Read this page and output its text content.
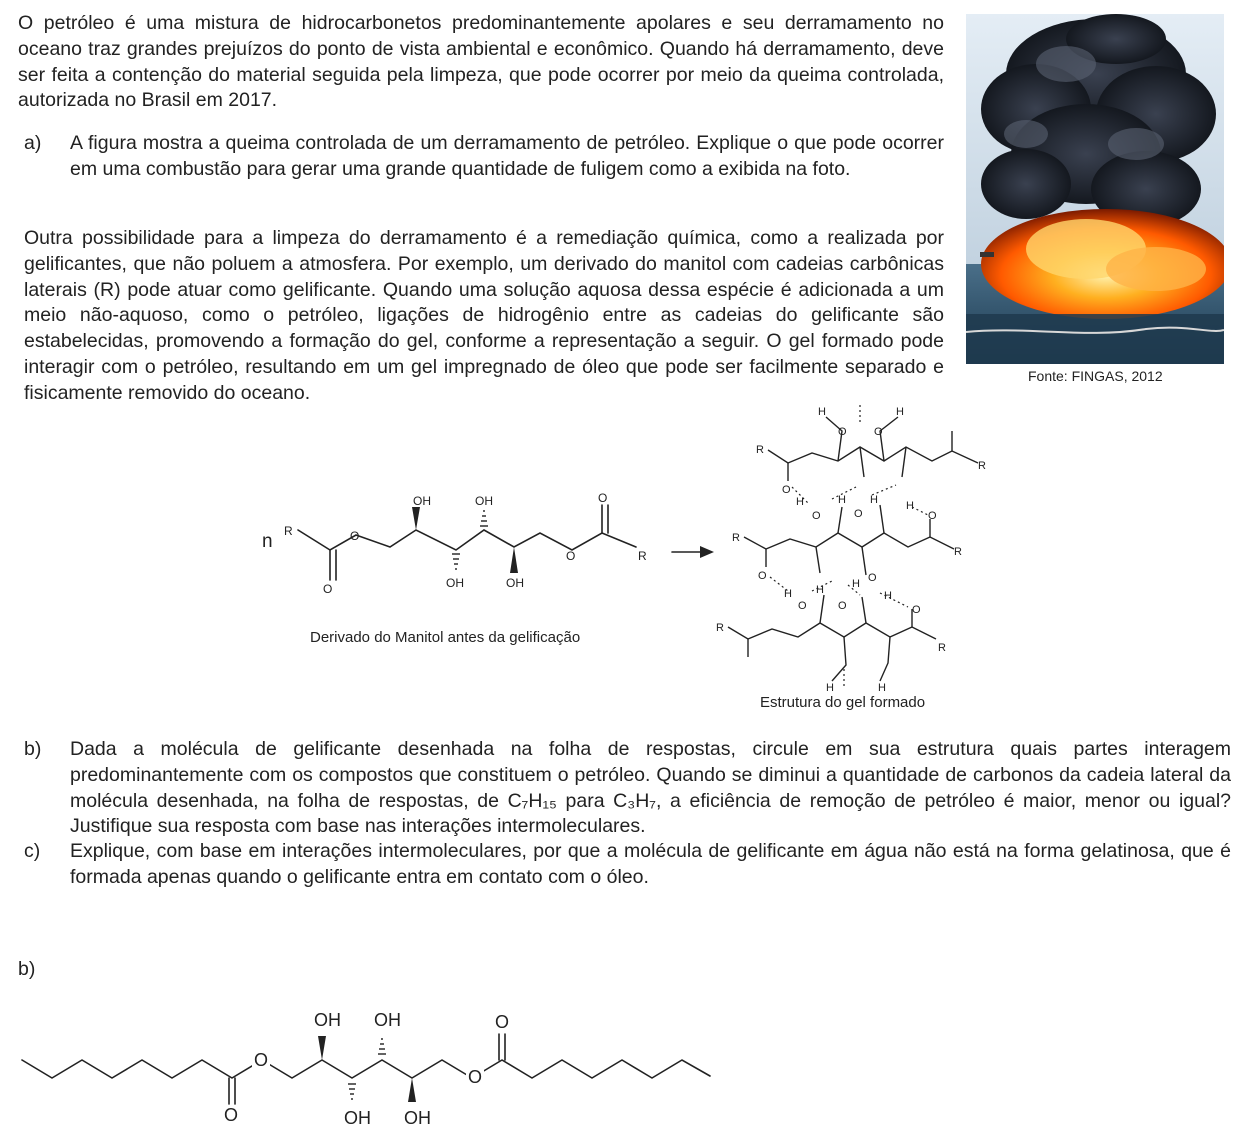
O petróleo é uma mistura de hidrocarbonetos predominantemente apolares e seu derramamento no oceano traz grandes prejuízos do ponto de vista ambiental e econômico. Quando há derramamento, deve ser feita a contenção do material seguida pela limpeza, que pode ocorrer por meio da queima controlada, autorizada no Brasil em 2017.

a) A figura mostra a queima controlada de um derramamento de petróleo. Explique o que pode ocorrer em uma combustão para gerar uma grande quantidade de fuligem como a exibida na foto.

Outra possibilidade para a limpeza do derramamento é a remediação química, como a realizada por gelificantes, que não poluem a atmosfera. Por exemplo, um derivado do manitol com cadeias carbônicas laterais (R) pode atuar como gelificante. Quando uma solução aquosa dessa espécie é adicionada a um meio não-aquoso, como o petróleo, ligações de hidrogênio entre as cadeias do gelificante são estabelecidas, promovendo a formação do gel, conforme a representação a seguir. O gel formado pode interagir com o petróleo, resultando em um gel impregnado de óleo que pode ser facilmente separado e fisicamente removido do oceano.

Fonte: FINGAS, 2012
n R	O
O
OH	OH
OH	OH
O
O
R
Derivado do Manitol antes da gelificação
R
R
R
R
R
R
H	H
O O
O
H	H H	H
O
O	O
O
H H	H
H
O
O
O	O
H	H
Estrutura do gel formado
b) Dada a molécula de gelificante desenhada na folha de respostas, circule em sua estrutura quais partes interagem predominantemente com os compostos que constituem o petróleo. Quando se diminui a quantidade de carbonos da cadeia lateral da molécula desenhada, na folha de respostas, de C₇H₁₅ para C₃H₇, a eficiência de remoção de petróleo é maior, menor ou igual? Justifique sua resposta com base nas interações intermoleculares.
c) Explique, com base em interações intermoleculares, por que a molécula de gelificante em água não está na forma gelatinosa, que é formada apenas quando o gelificante entra em contato com o óleo.
b)
O
O
O
O
OH OH
OH OH
